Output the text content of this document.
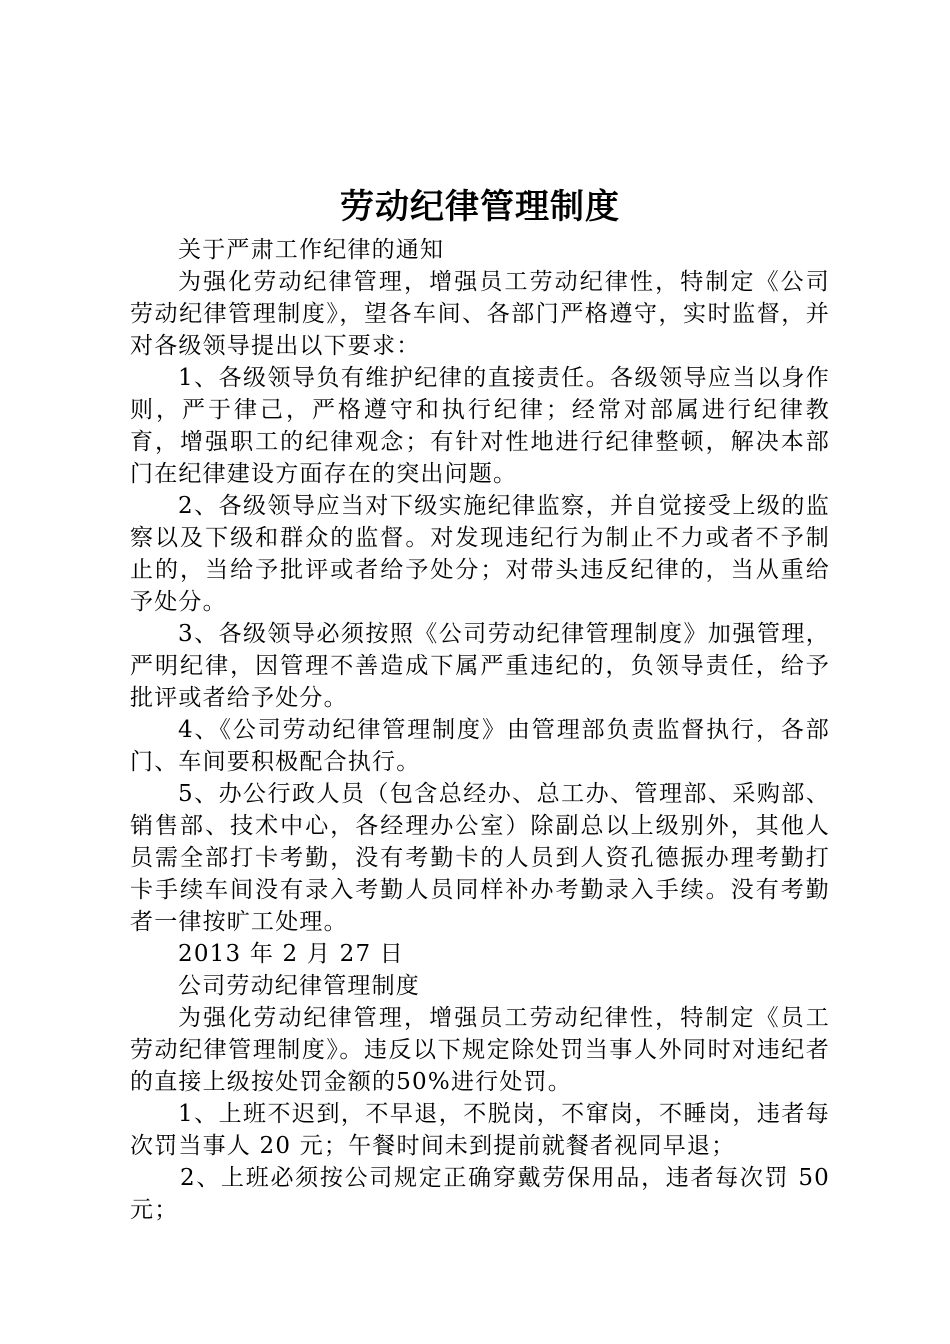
劳动纪律管理制度

关于严肃工作纪律的通知

为强化劳动纪律管理，增强员工劳动纪律性，特制定《公司劳动纪律管理制度》，望各车间、各部门严格遵守，实时监督，并对各级领导提出以下要求：

1、各级领导负有维护纪律的直接责任。各级领导应当以身作则，严于律己，严格遵守和执行纪律；经常对部属进行纪律教育，增强职工的纪律观念；有针对性地进行纪律整顿，解决本部门在纪律建设方面存在的突出问题。

2、各级领导应当对下级实施纪律监察，并自觉接受上级的监察以及下级和群众的监督。对发现违纪行为制止不力或者不予制止的，当给予批评或者给予处分；对带头违反纪律的，当从重给予处分。

3、各级领导必须按照《公司劳动纪律管理制度》加强管理，严明纪律，因管理不善造成下属严重违纪的，负领导责任，给予批评或者给予处分。

4、《公司劳动纪律管理制度》由管理部负责监督执行，各部门、车间要积极配合执行。

5、办公行政人员（包含总经办、总工办、管理部、采购部、销售部、技术中心，各经理办公室）除副总以上级别外，其他人员需全部打卡考勤，没有考勤卡的人员到人资孔德振办理考勤打卡手续车间没有录入考勤人员同样补办考勤录入手续。没有考勤者一律按旷工处理。

2013 年 2 月 27 日

公司劳动纪律管理制度

为强化劳动纪律管理，增强员工劳动纪律性，特制定《员工劳动纪律管理制度》。违反以下规定除处罚当事人外同时对违纪者的直接上级按处罚金额的50%进行处罚。

1、上班不迟到，不早退，不脱岗，不窜岗，不睡岗，违者每次罚当事人 20 元；午餐时间未到提前就餐者视同早退；

2、上班必须按公司规定正确穿戴劳保用品，违者每次罚 50 元；
